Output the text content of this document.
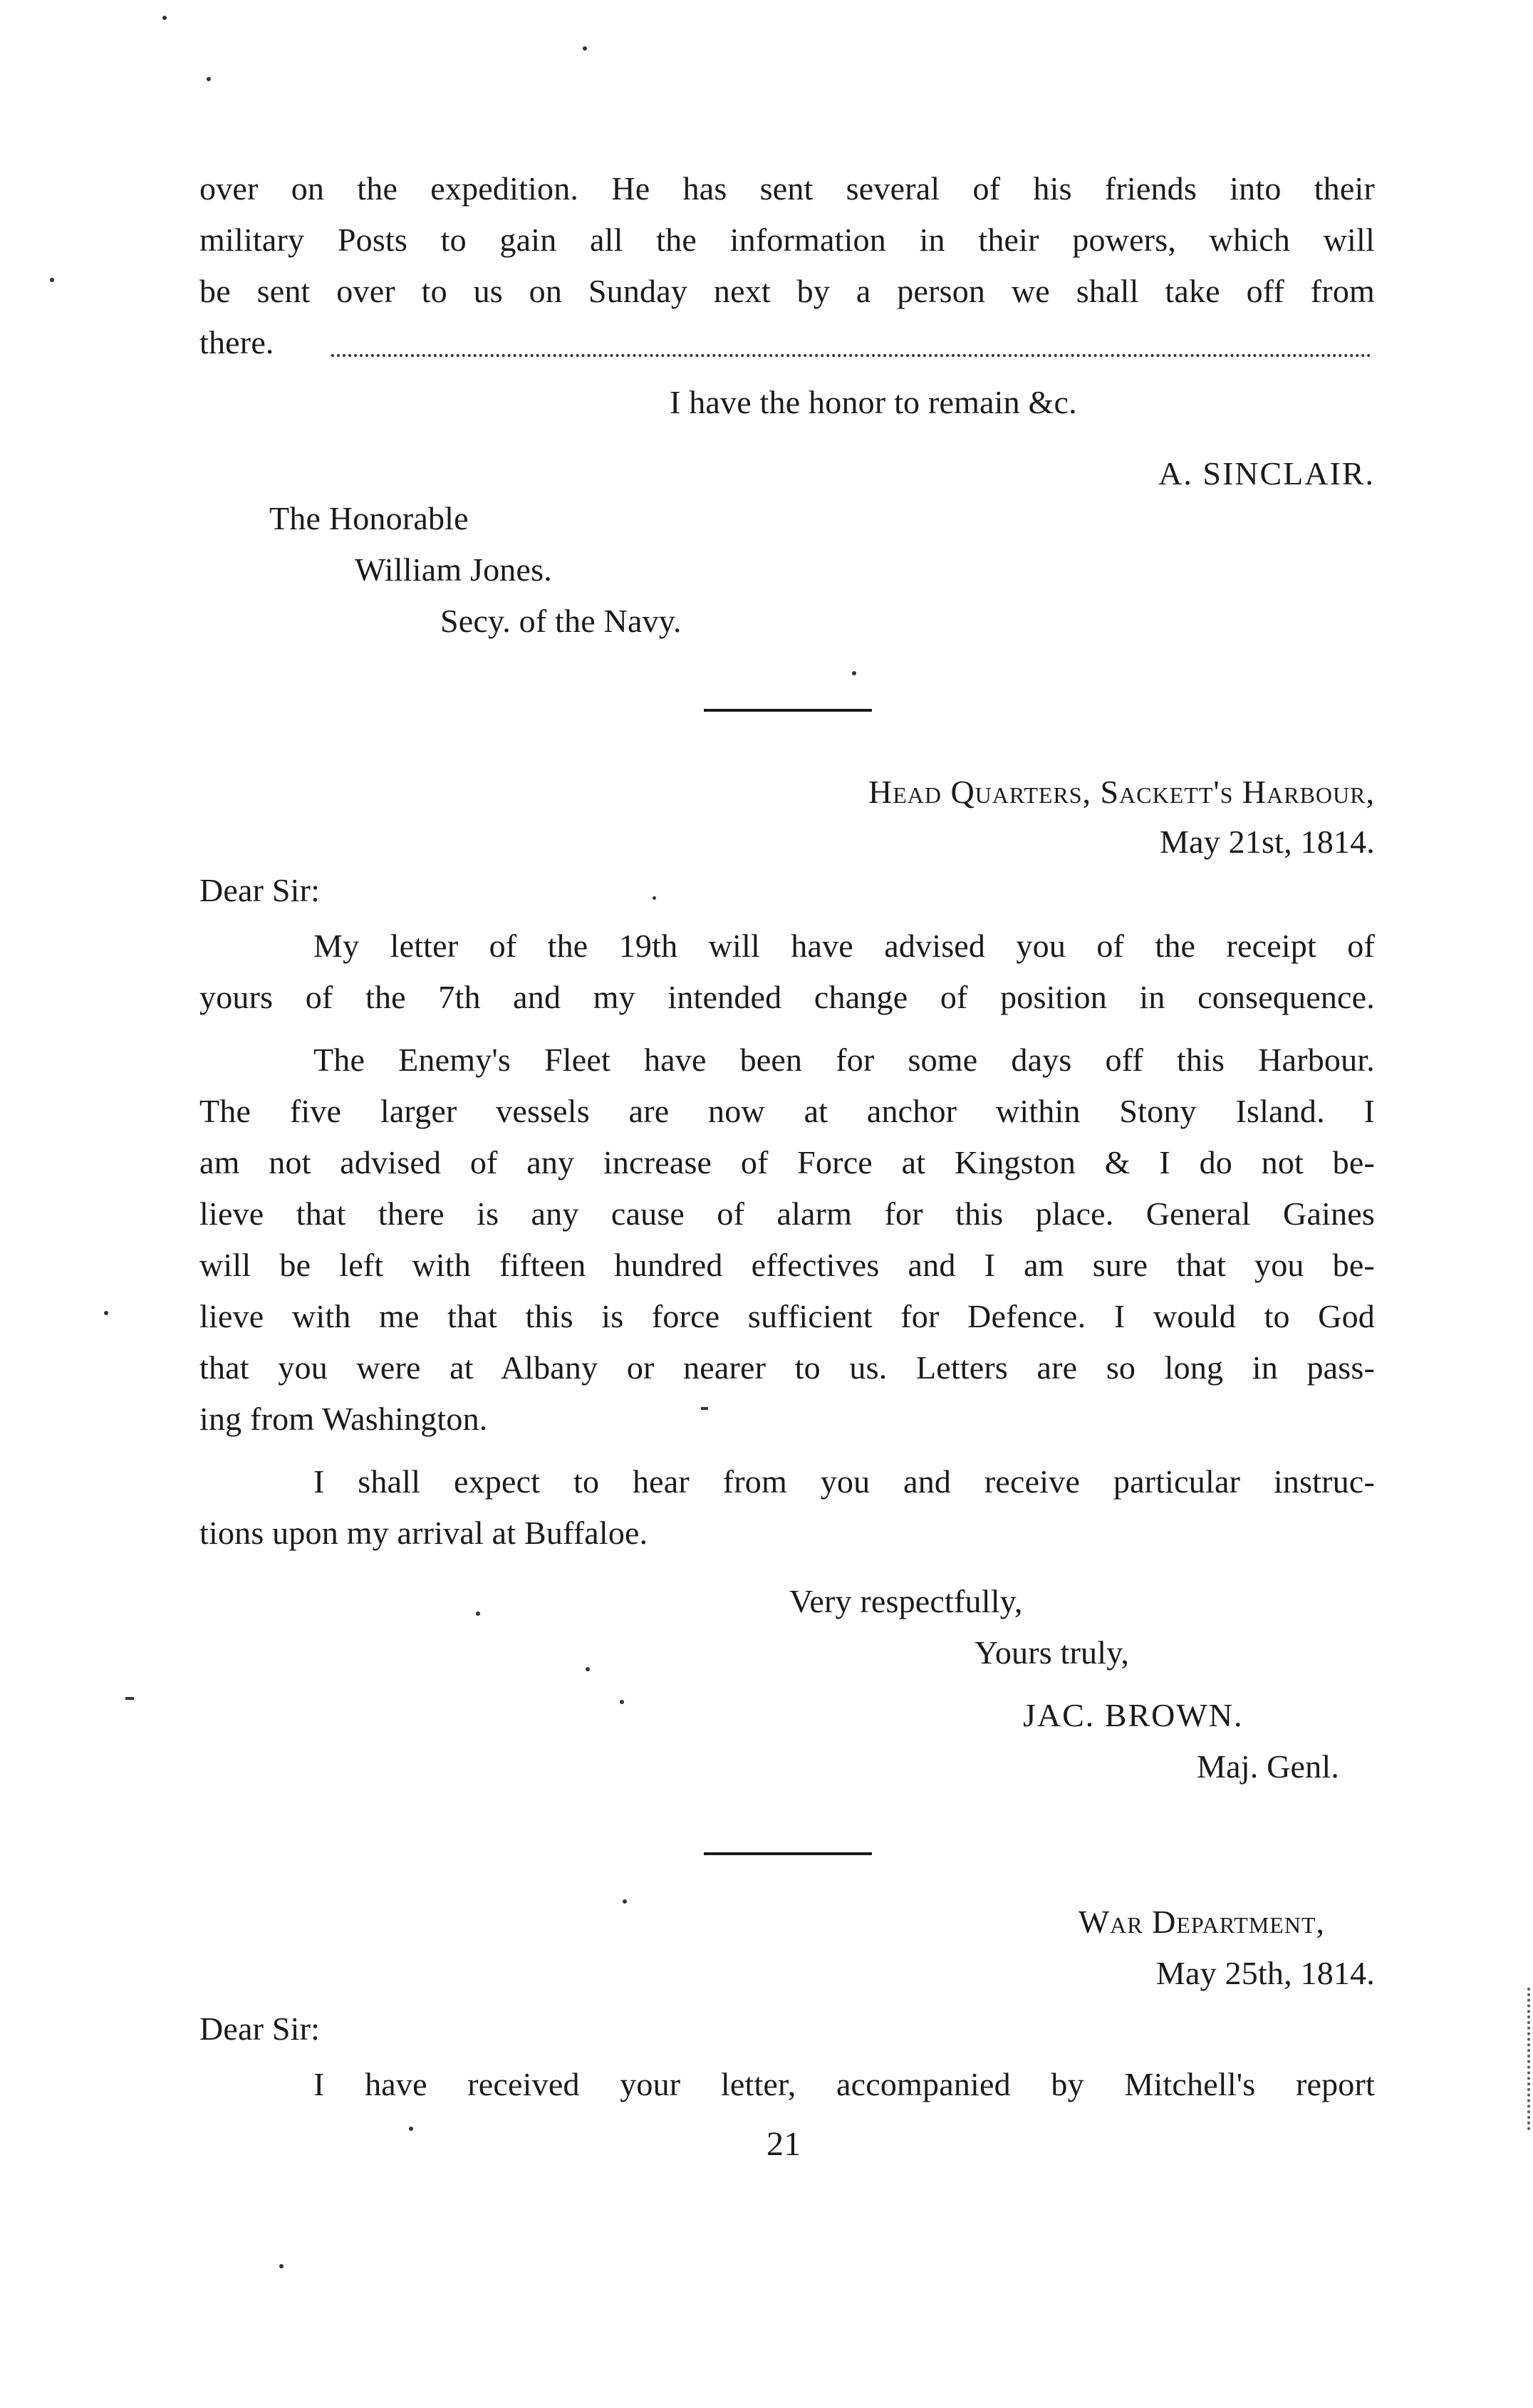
over on the expedition. He has sent several of his friends into their
military Posts to gain all the information in their powers, which will
be sent over to us on Sunday next by a person we shall take off from
there.
I have the honor to remain &c.
A. SINCLAIR.
The Honorable
William Jones.
Secy. of the Navy.
Head Quarters, Sackett's Harbour,
May 21st, 1814.
Dear Sir:
My letter of the 19th will have advised you of the receipt of
yours of the 7th and my intended change of position in consequence.
The Enemy's Fleet have been for some days off this Harbour.
The five larger vessels are now at anchor within Stony Island. I
am not advised of any increase of Force at Kingston & I do not be-
lieve that there is any cause of alarm for this place. General Gaines
will be left with fifteen hundred effectives and I am sure that you be-
lieve with me that this is force sufficient for Defence. I would to God
that you were at Albany or nearer to us. Letters are so long in pass-
ing from Washington.
I shall expect to hear from you and receive particular instruc-
tions upon my arrival at Buffaloe.
Very respectfully,
Yours truly,
JAC. BROWN.
Maj. Genl.
War Department,
May 25th, 1814.
Dear Sir:
I have received your letter, accompanied by Mitchell's report
21
